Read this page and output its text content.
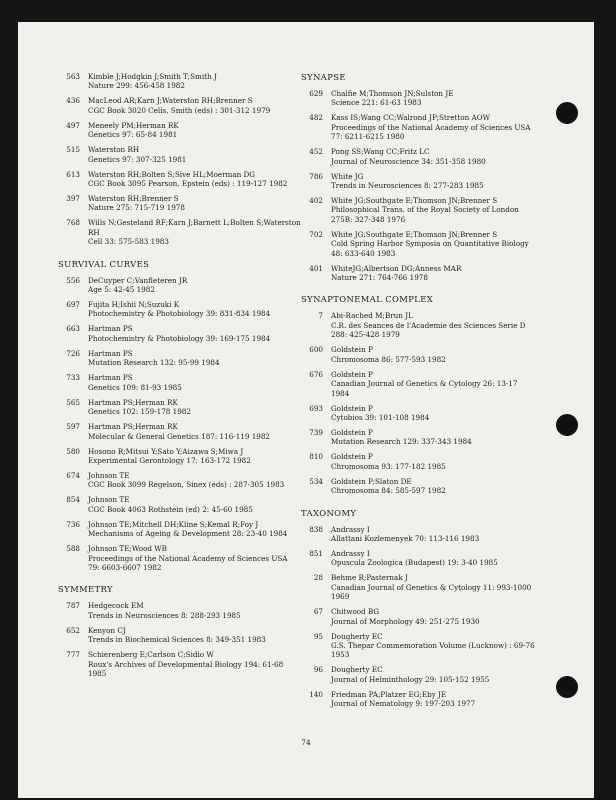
563 Kimble J;Hodgkin J;Smith T;Smith J
Nature 299: 456-458 1982
436 MacLeod AR;Karn J;Waterston RH;Brenner S
CGC Book 3020 Celis, Smith (eds) : 301-312 1979
497 Meneely PM;Herman RK
Genetics 97: 65-84 1981
515 Waterston RH
Genetics 97: 307-325 1981
613 Waterston RH;Bolten S;Sive HL;Moerman DG
CGC Book 3095 Pearson, Epstein (eds) : 119-127 1982
397 Waterston RH;Brenner S
Nature 275: 715-719 1978
768 Wills N;Gesteland RF;Karn J;Barnett L;Bolten S;Waterston
RH
Cell 33: 575-583 1983
SURVIVAL CURVES
556 DeCuyper C;Vanfleteren JR
Age 5: 42-45 1982
697 Fujita H;Ishii N;Suzuki K
Photochemistry & Photobiology 39: 831-834 1984
663 Hartman PS
Photochemistry & Photobiology 39: 169-175 1984
726 Hartman PS
Mutation Research 132: 95-99 1984
733 Hartman PS
Genetics 109: 81-93 1985
565 Hartman PS;Herman RK
Genetics 102: 159-178 1982
597 Hartman PS;Herman RK
Molecular & General Genetics 187: 116-119 1982
580 Hosono R;Mitsui Y;Sato Y;Aizawa S;Miwa J
Experimental Gerontology 17: 163-172 1982
674 Johnson TE
CGC Book 3099 Regelson, Sinex (eds) : 287-305 1983
854 Johnson TE
CGC Book 4063 Rothstein (ed) 2: 45-60 1985
736 Johnson TE;Mitchell DH;Kline S;Kemal R;Foy J
Mechanisms of Ageing & Development 28: 23-40 1984
588 Johnson TE;Wood WB
Proceedings of the National Academy of Sciences USA
79: 6603-6607 1982
SYMMETRY
787 Hedgecock EM
Trends in Neurosciences 8: 288-293 1985
652 Kenyon CJ
Trends in Biochemical Sciences 8: 349-351 1983
777 Schierenberg E;Carlson C;Sidio W
Roux's Archives of Developmental Biology 194: 61-68
1985
SYNAPSE
629 Chalfie M;Thomson JN;Sulston JE
Science 221: 61-63 1983
482 Kass IS;Wang CC;Walrond JP;Stretton AOW
Proceedings of the National Academy of Sciences USA
77: 6211-6215 1980
452 Pong SS;Wang CC;Fritz LC
Journal of Neuroscience 34: 351-358 1980
786 White JG
Trends in Neurosciences 8: 277-283 1985
402 White JG;Southgate E;Thomson JN;Brenner S
Philosophical Trans. of the Royal Society of London
275B: 327-348 1976
702 White JG;Southgate E;Thomson JN;Brenner S
Cold Spring Harbor Symposia on Quantitative Biology
48: 633-640 1983
401 WhiteJG;Albertson DG;Anness MAR
Nature 271: 764-766 1978
SYNAPTONEMAL COMPLEX
7 Abi-Rached M;Brun JL
C.R. des Seances de l'Academie des Sciences Serie D
288: 425-428 1979
600 Goldstein P
Chromosoma 86: 577-593 1982
676 Goldstein P
Canadian Journal of Genetics & Cytology 26: 13-17
1984
693 Goldstein P
Cytobios 39: 101-108 1984
739 Goldstein P
Mutation Research 129: 337-343 1984
810 Goldstein P
Chromosoma 93: 177-182 1985
534 Goldstein P;Slaton DE
Chromosoma 84: 585-597 1982
TAXONOMY
838 Andrassy I
Allattani Kozlemenyek 70: 113-116 1983
851 Andrassy I
Opuscula Zoologica (Budapest) 19: 3-40 1985
28 Behme R;Pasternak J
Canadian Journal of Genetics & Cytology 11: 993-1000
1969
67 Chitwood BG
Journal of Morphology 49: 251-275 1930
95 Dougherty EC
G.S. Thepar Commemoration Volume (Lucknow) : 69-76
1953
96 Dougherty EC
Journal of Helminthology 29: 105-152 1955
140 Friedman PA;Platzer EG;Eby JE
Journal of Nematology 9: 197-203 1977
74
